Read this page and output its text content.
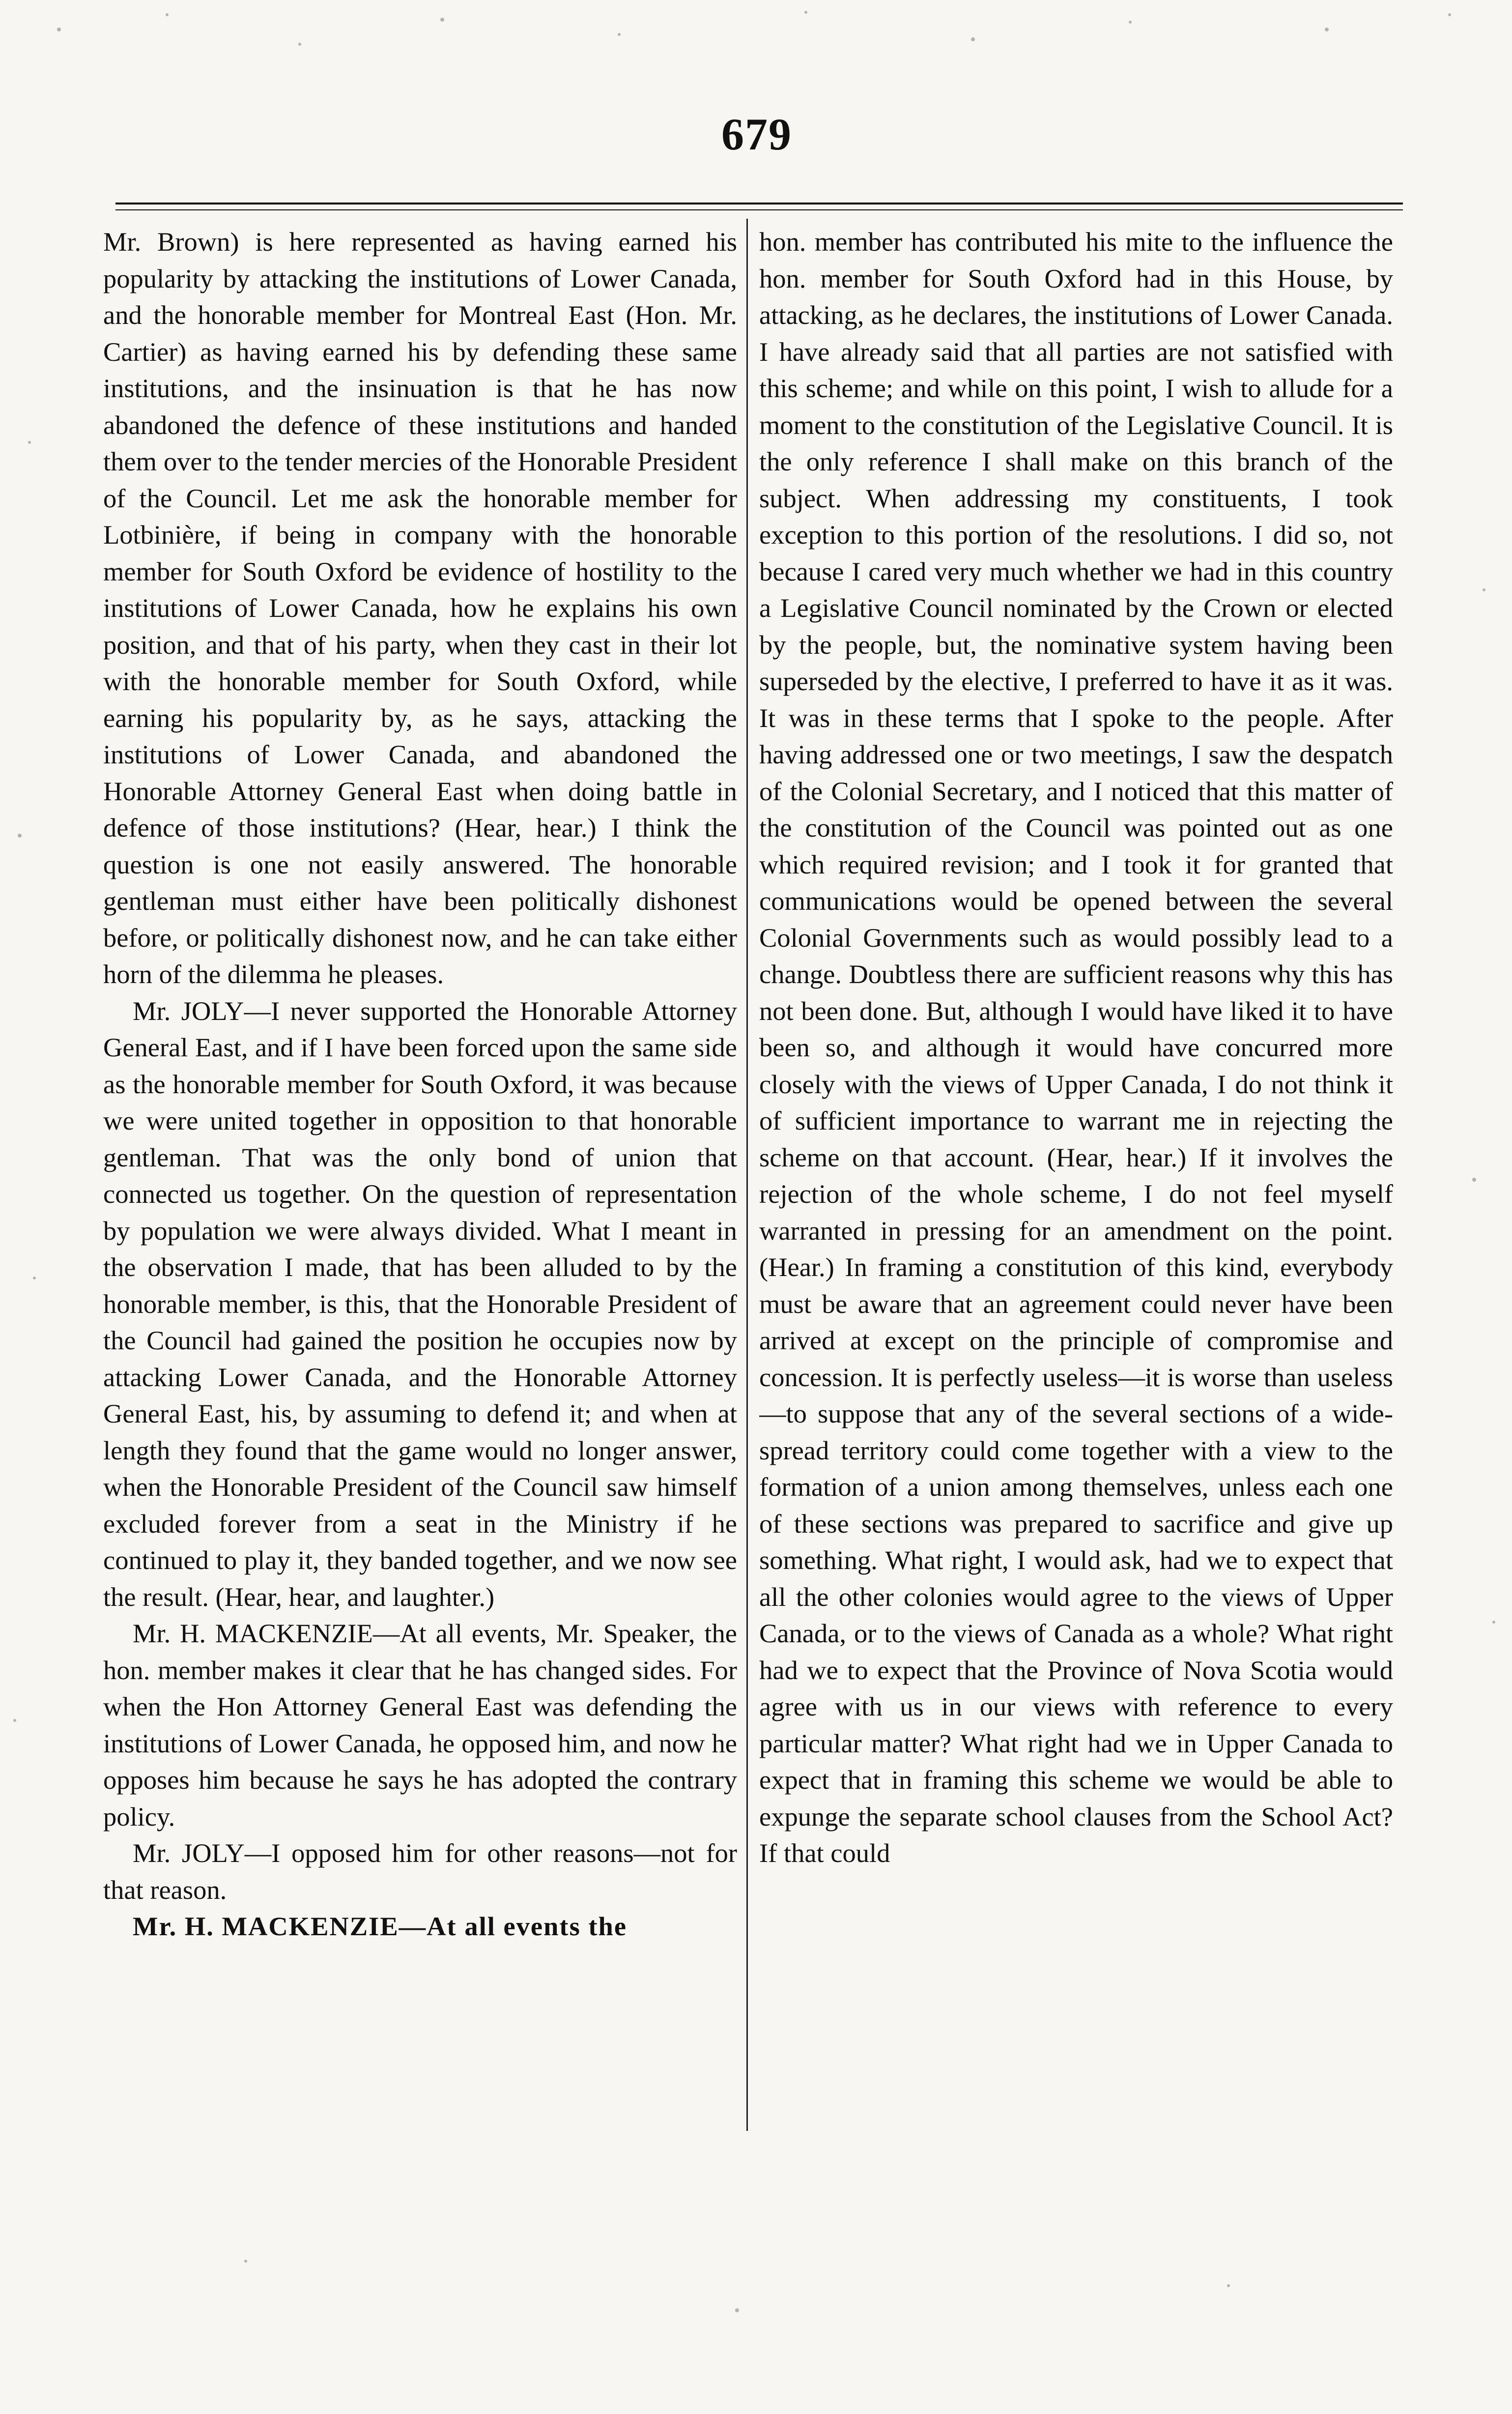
679

Mr. Brown) is here represented as having earned his popularity by attacking the institutions of Lower Canada, and the honorable member for Montreal East (Hon. Mr. Cartier) as having earned his by defending these same institutions, and the insinuation is that he has now abandoned the defence of these institutions and handed them over to the tender mercies of the Honorable President of the Council. Let me ask the honorable member for Lotbinière, if being in company with the honorable member for South Oxford be evidence of hostility to the institutions of Lower Canada, how he explains his own position, and that of his party, when they cast in their lot with the honorable member for South Oxford, while earning his popularity by, as he says, attacking the institutions of Lower Canada, and abandoned the Honorable Attorney General East when doing battle in defence of those institutions? (Hear, hear.) I think the question is one not easily answered. The honorable gentleman must either have been politically dishonest before, or politically dishonest now, and he can take either horn of the dilemma he pleases.

Mr. JOLY—I never supported the Honorable Attorney General East, and if I have been forced upon the same side as the honorable member for South Oxford, it was because we were united together in opposition to that honorable gentleman. That was the only bond of union that connected us together. On the question of representation by population we were always divided. What I meant in the observation I made, that has been alluded to by the honorable member, is this, that the Honorable President of the Council had gained the position he occupies now by attacking Lower Canada, and the Honorable Attorney General East, his, by assuming to defend it; and when at length they found that the game would no longer answer, when the Honorable President of the Council saw himself excluded forever from a seat in the Ministry if he continued to play it, they banded together, and we now see the result. (Hear, hear, and laughter.)

Mr. H. MACKENZIE—At all events, Mr. Speaker, the hon. member makes it clear that he has changed sides. For when the Hon Attorney General East was defending the institutions of Lower Canada, he opposed him, and now he opposes him because he says he has adopted the contrary policy.

Mr. JOLY—I opposed him for other reasons—not for that reason.

Mr. H. MACKENZIE—At all events the

hon. member has contributed his mite to the influence the hon. member for South Oxford had in this House, by attacking, as he declares, the institutions of Lower Canada. I have already said that all parties are not satisfied with this scheme; and while on this point, I wish to allude for a moment to the constitution of the Legislative Council. It is the only reference I shall make on this branch of the subject. When addressing my constituents, I took exception to this portion of the resolutions. I did so, not because I cared very much whether we had in this country a Legislative Council nominated by the Crown or elected by the people, but, the nominative system having been superseded by the elective, I preferred to have it as it was. It was in these terms that I spoke to the people. After having addressed one or two meetings, I saw the despatch of the Colonial Secretary, and I noticed that this matter of the constitution of the Council was pointed out as one which required revision; and I took it for granted that communications would be opened between the several Colonial Governments such as would possibly lead to a change. Doubtless there are sufficient reasons why this has not been done. But, although I would have liked it to have been so, and although it would have concurred more closely with the views of Upper Canada, I do not think it of sufficient importance to warrant me in rejecting the scheme on that account. (Hear, hear.) If it involves the rejection of the whole scheme, I do not feel myself warranted in pressing for an amendment on the point. (Hear.) In framing a constitution of this kind, everybody must be aware that an agreement could never have been arrived at except on the principle of compromise and concession. It is perfectly useless—it is worse than useless—to suppose that any of the several sections of a wide-spread territory could come together with a view to the formation of a union among themselves, unless each one of these sections was prepared to sacrifice and give up something. What right, I would ask, had we to expect that all the other colonies would agree to the views of Upper Canada, or to the views of Canada as a whole? What right had we to expect that the Province of Nova Scotia would agree with us in our views with reference to every particular matter? What right had we in Upper Canada to expect that in framing this scheme we would be able to expunge the separate school clauses from the School Act? If that could
